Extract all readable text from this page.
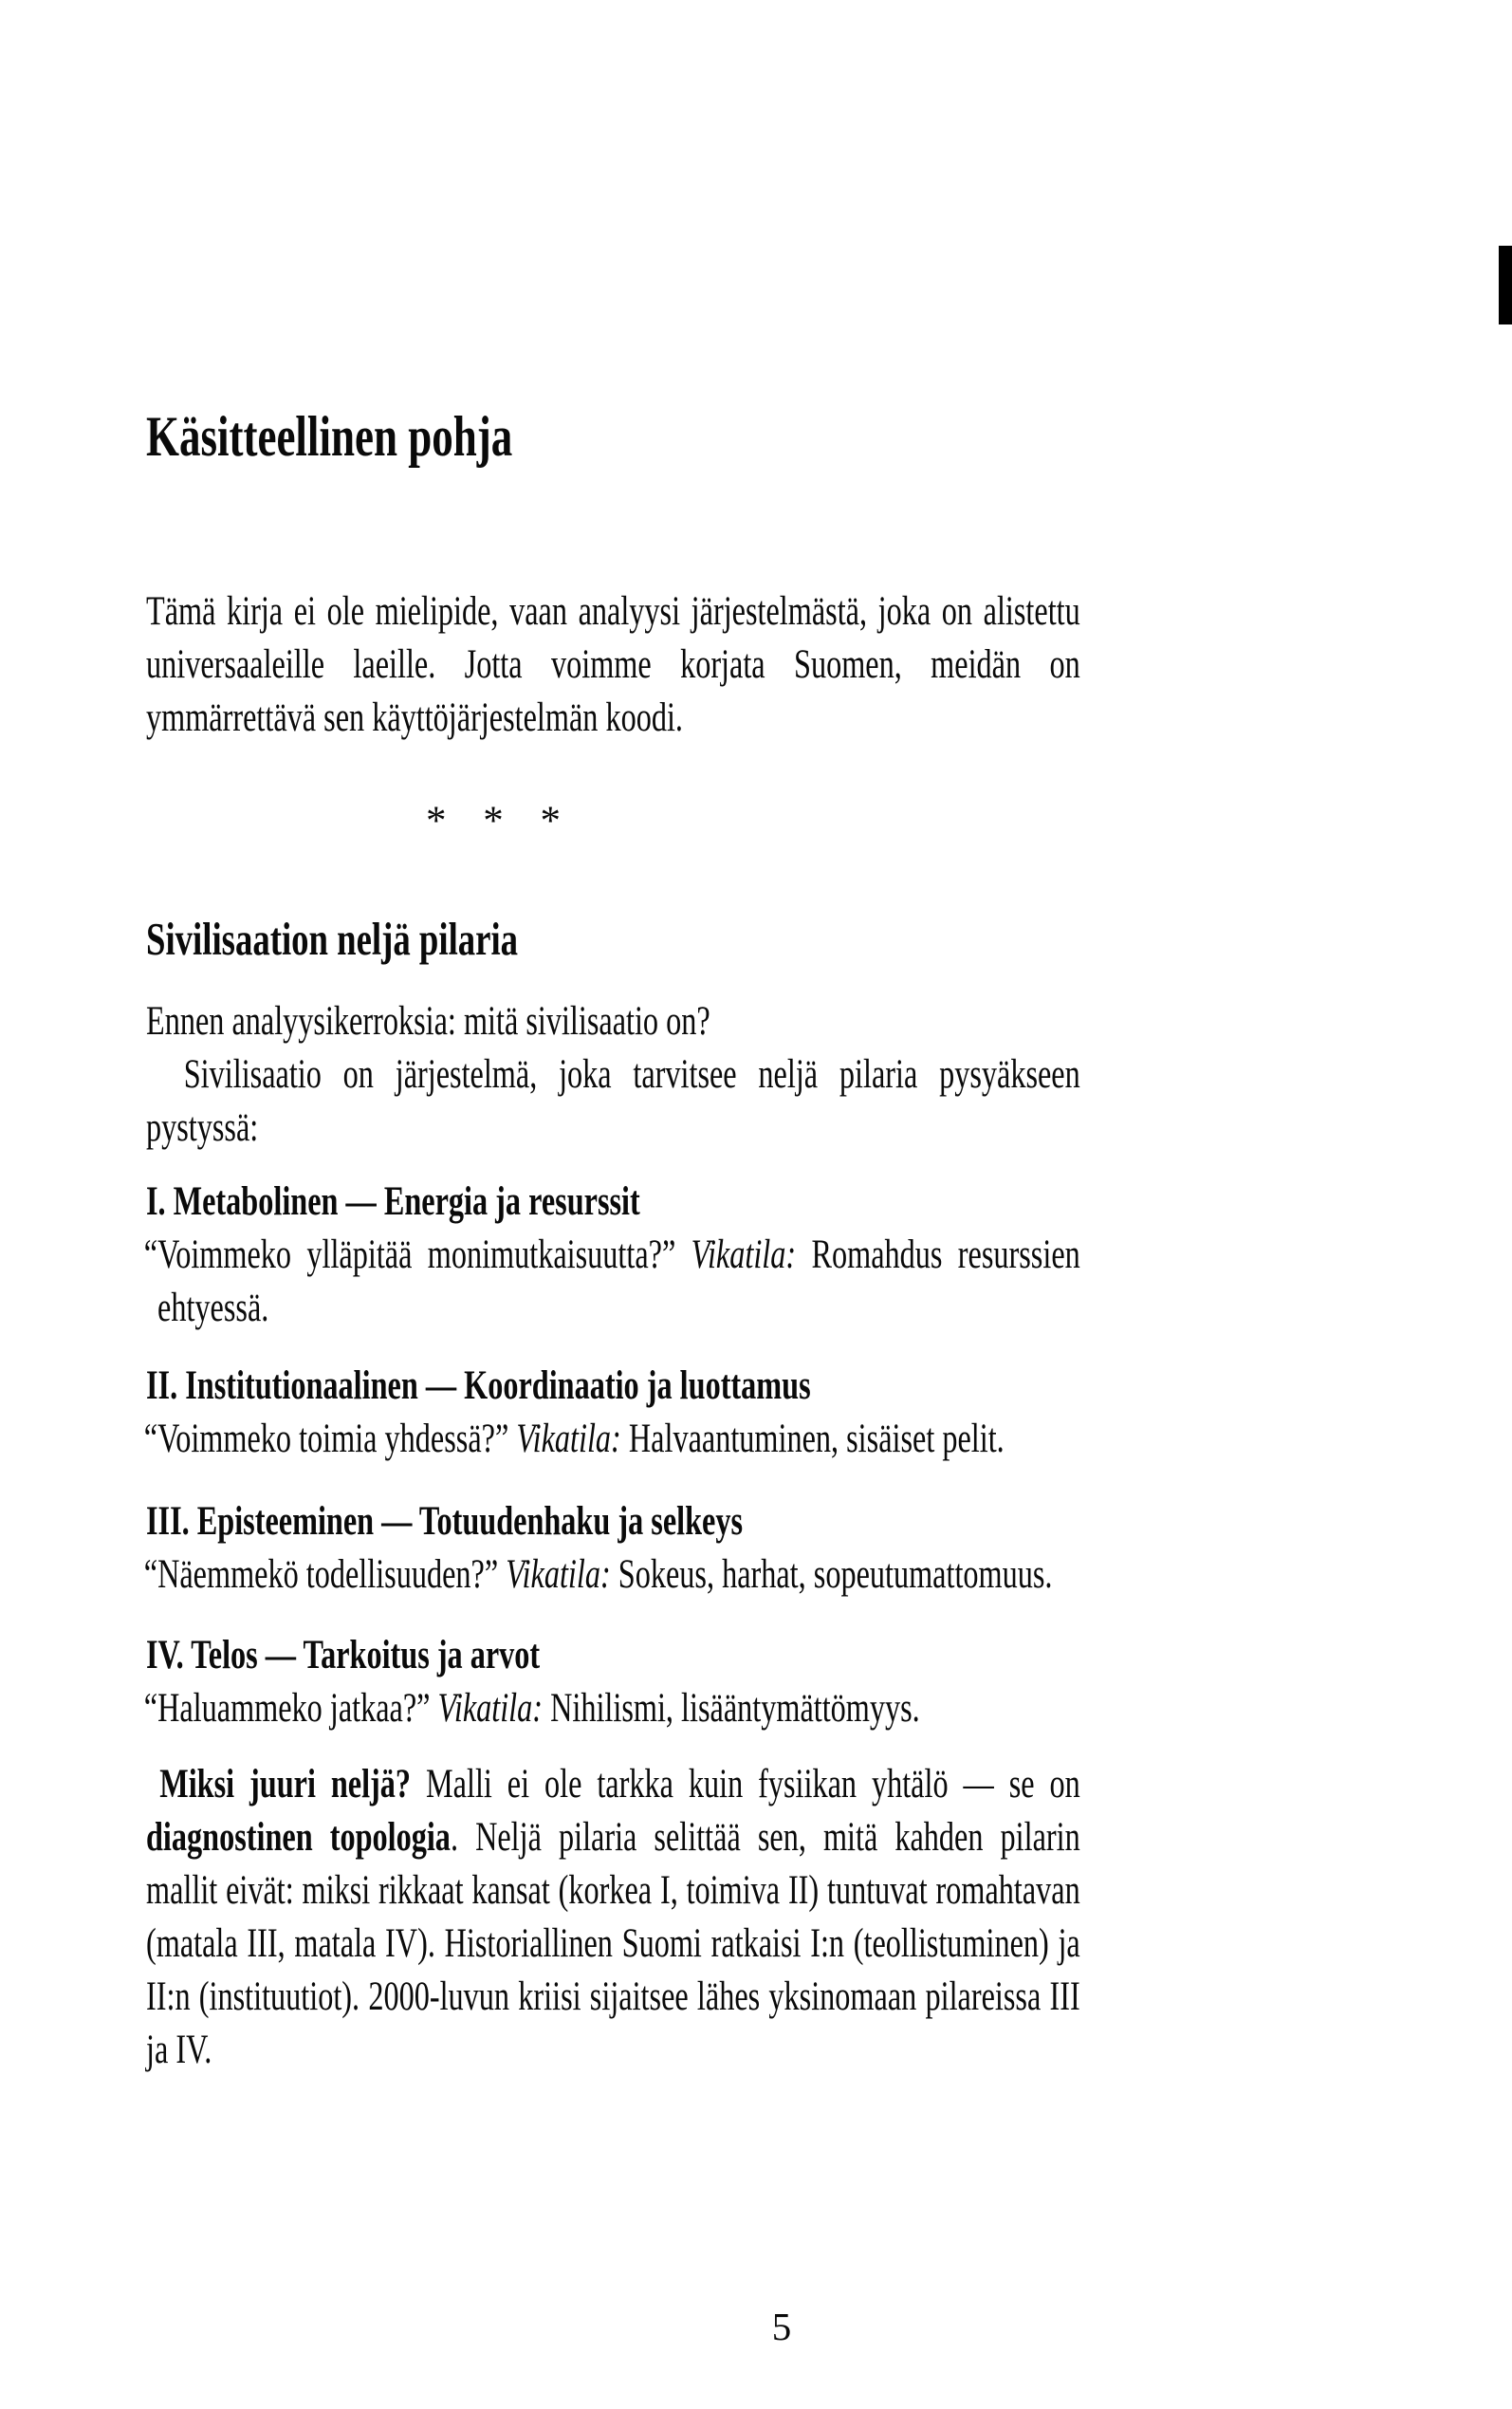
Käsitteellinen pohja

Tämä kirja ei ole mielipide, vaan analyysi järjestelmästä, joka on alistettu universaaleille laeille. Jotta voimme korjata Suomen, meidän on ymmärrettävä sen käyttöjärjestelmän koodi.

Sivilisaation neljä pilaria

Ennen analyysikerroksia: mitä sivilisaatio on?

Sivilisaatio on järjestelmä, joka tarvitsee neljä pilaria pysyäkseen pystyssä:

I. Metabolinen — Energia ja resurssit
“Voimmeko ylläpitää monimutkaisuutta?” Vikatila: Romahdus resurssien ehtyessä.
II. Institutionaalinen — Koordinaatio ja luottamus
“Voimmeko toimia yhdessä?” Vikatila: Halvaantuminen, sisäiset pelit.
III. Episteeminen — Totuudenhaku ja selkeys
“Näemmekö todellisuuden?” Vikatila: Sokeus, harhat, sopeutumattomuus.
IV. Telos — Tarkoitus ja arvot
“Haluammeko jatkaa?” Vikatila: Nihilismi, lisääntymättömyys.

Miksi juuri neljä? Malli ei ole tarkka kuin fysiikan yhtälö — se on diagnostinen topologia. Neljä pilaria selittää sen, mitä kahden pilarin mallit eivät: miksi rikkaat kansat (korkea I, toimiva II) tuntuvat romahtavan (matala III, matala IV). Historiallinen Suomi ratkaisi I:n (teollistuminen) ja II:n (instituutiot). 2000-luvun kriisi sijaitsee lähes yksinomaan pilareissa III ja IV.

* * *
5
